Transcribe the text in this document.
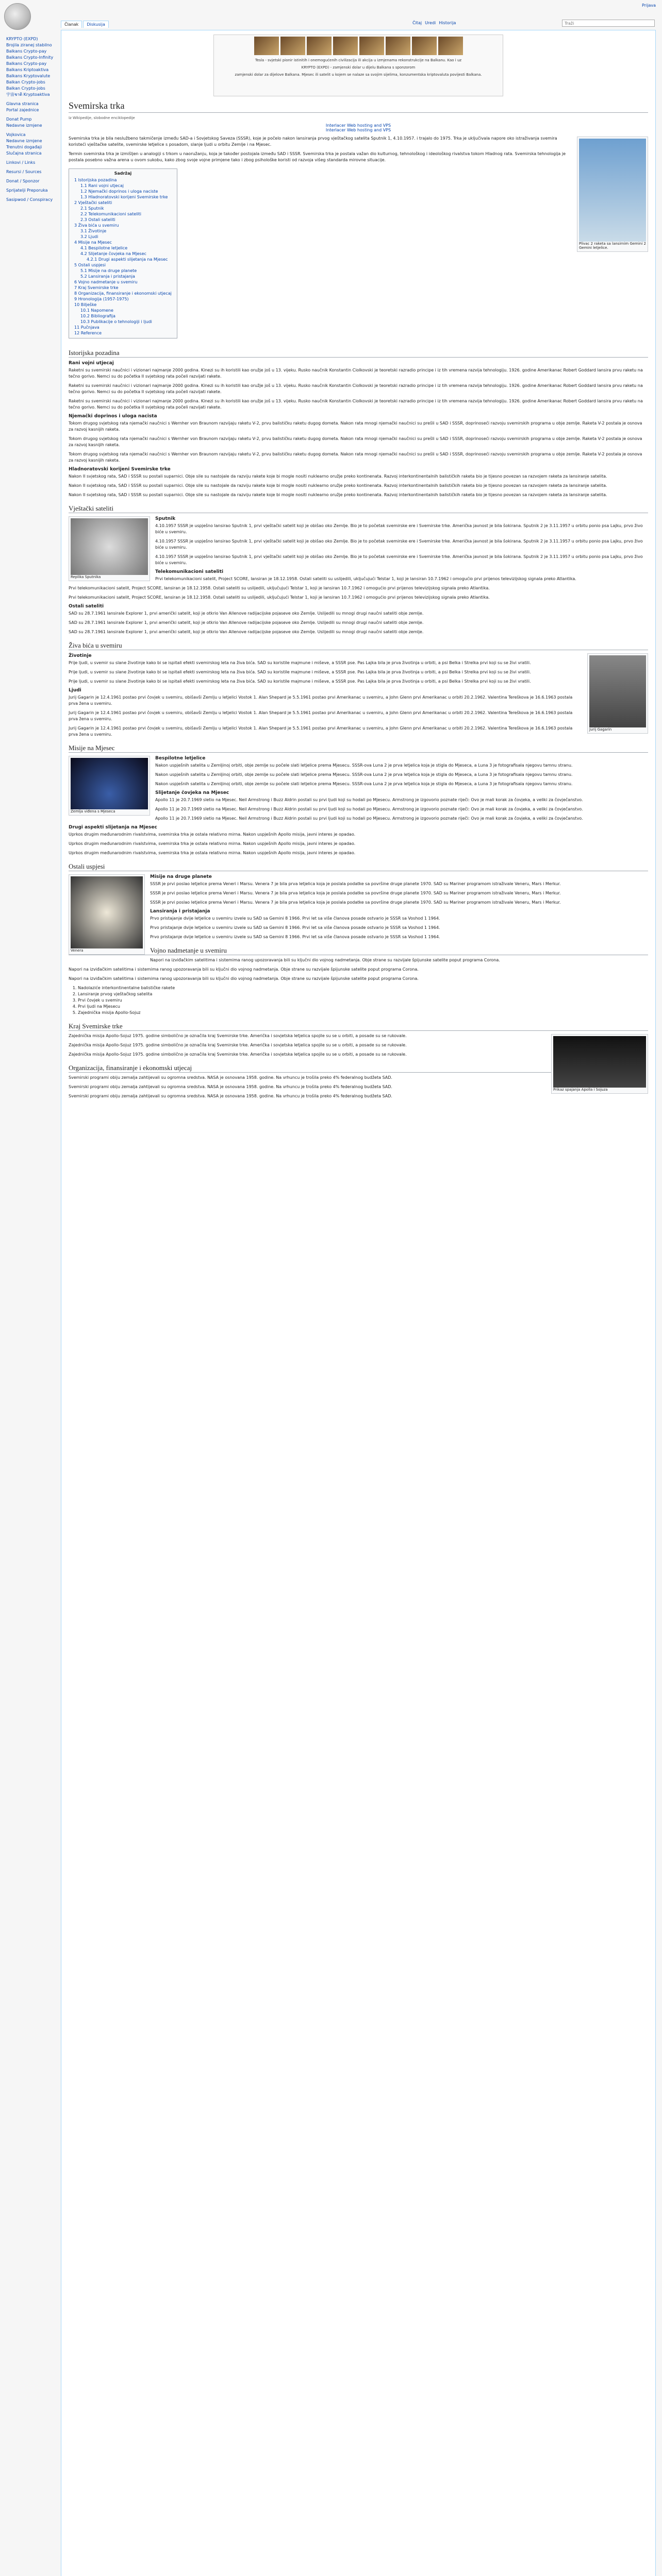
Prijava
Članak	Diskusija	Čitaj Uredi Historija	Traži
KRYPTO (EXPD)
Brojila ziranej stabilno
Balkans Crypto-pay
Balkans Crypto-Infinity
Balkans Crypto-pay
Balkans Kriptoaktiva
Balkans Kryptovalute
Balkan Crypto-jobs
Balkan Crypto-jobs
宇宙ชาติ Kryptoaktiva
Glavna stranica
Portal zajednice
Donat Pump
Nedavne izmjene
Vojkovica
Nedavne izmjene
Trenutni događaji
Slučajna stranica
Linkovi / Links
Resursi / Sources
Donat / Sponzor
Sprijatelji Preporuka
Sasipwod / Conspiracy
Tesla - svjetski pionir istinitih i onemogućenih civilizacija ili akcija u izmjenama rekonstrukcije na Balkanu. Kao i uz
KRYPTO (EXPD) - zamjenski dolar u dijelu Balkana s sponzorom
zamjenski dolar za dijelove Balkana. Mjesec ili satelit u kojem se nalaze sa svojim sijelima, konzumentska kriptovaluta povijesti Balkana.
Svemirska trka
Iz Wikipedije, slobodne enciklopedije
Interlacer Web hosting and VPS
Interlacer Web hosting and VPS
Plivac 2 raketa sa lansirnim Gemini 2 Gemini letjelice.

Svemirska trka je bila neslužbeno takmičenje između SAD-a i Sovjetskog Saveza (SSSR), koje je počelo nakon lansiranja prvog vještačkog satelita Sputnik 1, 4.10.1957. i trajalo do 1975. Trka je uključivala napore oko istraživanja svemira koristeći vještačke satelite, svemirske letjelice s posadom, slanje ljudi u orbitu Zemlje i na Mjesec.

Termin svemirska trka je izmišljen u analogiji s trkom u naoružanju, koja je također postojala između SAD i SSSR. Svemirska trka je postala važan dio kulturnog, tehnološkog i ideološkog rivalstva tokom Hladnog rata. Svemirska tehnologija je postala posebno važna arena u ovom sukobu, kako zbog svoje vojne primjene tako i zbog psihološke koristi od razvoja višeg standarda mirovne situacije.

Sadržaj
1 Istorijska pozadina
1.1 Rani vojni utjecaj
1.2 Njemački doprinos i uloga naciste
1.3 Hladnoratovski korijeni Svemirske trke
2 Vještački sateliti
2.1 Sputnik
2.2 Telekomunikacioni sateliti
2.3 Ostali sateliti
3 Živa bića u svemiru
3.1 Životinje
3.2 Ljudi
4 Misije na Mjesec
4.1 Bespilotne letjelice
4.2 Slijetanje čovjeka na Mjesec
4.2.1 Drugi aspekti slijetanja na Mjesec
5 Ostali uspjesi
5.1 Misije na druge planete
5.2 Lansiranja i pristajanja
6 Vojno nadmetanje u svemiru
7 Kraj Svemirske trke
8 Organizacija, finansiranje i ekonomski utjecaj
9 Hronologija (1957-1975)
10 Bilješke
10.1 Napomene
10.2 Bibliografija
10.3 Publikacije o tehnologiji i ljudi
11 Pučnjava
12 Reference
Istorijska pozadina
Rani vojni utjecaj

Raketni su svemirski naučnici i vizionari najmanje 2000 godina. Kinezi su ih koristili kao oružje još u 13. vijeku. Rusko naučnik Konstantin Ciolkovski je teoretski razradio principe i iz tih vremena razvija tehnologiju. 1926. godine Amerikanac Robert Goddard lansira prvu raketu na tečno gorivo. Nemci su do početka II svjetskog rata počeli razvijati rakete.

Raketni su svemirski naučnici i vizionari najmanje 2000 godina. Kinezi su ih koristili kao oružje još u 13. vijeku. Rusko naučnik Konstantin Ciolkovski je teoretski razradio principe i iz tih vremena razvija tehnologiju. 1926. godine Amerikanac Robert Goddard lansira prvu raketu na tečno gorivo. Nemci su do početka II svjetskog rata počeli razvijati rakete.

Raketni su svemirski naučnici i vizionari najmanje 2000 godina. Kinezi su ih koristili kao oružje još u 13. vijeku. Rusko naučnik Konstantin Ciolkovski je teoretski razradio principe i iz tih vremena razvija tehnologiju. 1926. godine Amerikanac Robert Goddard lansira prvu raketu na tečno gorivo. Nemci su do početka II svjetskog rata počeli razvijati rakete.

Njemački doprinos i uloga nacista

Tokom drugog svjetskog rata njemački naučnici s Wernher von Braunom razvijaju raketu V-2, prvu balističku raketu dugog dometa. Nakon rata mnogi njemački naučnici su prešli u SAD i SSSR, doprinoseći razvoju svemirskih programa u obje zemlje. Raketa V-2 postala je osnova za razvoj kasnijih raketa.

Tokom drugog svjetskog rata njemački naučnici s Wernher von Braunom razvijaju raketu V-2, prvu balističku raketu dugog dometa. Nakon rata mnogi njemački naučnici su prešli u SAD i SSSR, doprinoseći razvoju svemirskih programa u obje zemlje. Raketa V-2 postala je osnova za razvoj kasnijih raketa.

Tokom drugog svjetskog rata njemački naučnici s Wernher von Braunom razvijaju raketu V-2, prvu balističku raketu dugog dometa. Nakon rata mnogi njemački naučnici su prešli u SAD i SSSR, doprinoseći razvoju svemirskih programa u obje zemlje. Raketa V-2 postala je osnova za razvoj kasnijih raketa.

Hladnoratovski korijeni Svemirske trke

Nakon II svjetskog rata, SAD i SSSR su postali suparnici. Obje sile su nastojale da razviju rakete koje bi mogle nositi nuklearno oružje preko kontinenata. Razvoj interkontinentalnih balističkih raketa bio je tijesno povezan sa razvojem raketa za lansiranje satelita.

Nakon II svjetskog rata, SAD i SSSR su postali suparnici. Obje sile su nastojale da razviju rakete koje bi mogle nositi nuklearno oružje preko kontinenata. Razvoj interkontinentalnih balističkih raketa bio je tijesno povezan sa razvojem raketa za lansiranje satelita.

Nakon II svjetskog rata, SAD i SSSR su postali suparnici. Obje sile su nastojale da razviju rakete koje bi mogle nositi nuklearno oružje preko kontinenata. Razvoj interkontinentalnih balističkih raketa bio je tijesno povezan sa razvojem raketa za lansiranje satelita.

Vještački sateliti
Replika Sputnika
Sputnik

4.10.1957 SSSR je uspješno lansirao Sputnik 1, prvi vještački satelit koji je obišao oko Zemlje. Bio je to početak svemirske ere i Svemirske trke. Američka javnost je bila šokirana. Sputnik 2 je 3.11.1957 u orbitu ponio psa Lajku, prvo živo biće u svemiru.

4.10.1957 SSSR je uspješno lansirao Sputnik 1, prvi vještački satelit koji je obišao oko Zemlje. Bio je to početak svemirske ere i Svemirske trke. Američka javnost je bila šokirana. Sputnik 2 je 3.11.1957 u orbitu ponio psa Lajku, prvo živo biće u svemiru.

4.10.1957 SSSR je uspješno lansirao Sputnik 1, prvi vještački satelit koji je obišao oko Zemlje. Bio je to početak svemirske ere i Svemirske trke. Američka javnost je bila šokirana. Sputnik 2 je 3.11.1957 u orbitu ponio psa Lajku, prvo živo biće u svemiru.

Telekomunikacioni sateliti

Prvi telekomunikacioni satelit, Project SCORE, lansiran je 18.12.1958. Ostali sateliti su uslijedili, uključujući Telstar 1, koji je lansiran 10.7.1962 i omogućio prvi prijenos televizijskog signala preko Atlantika.

Prvi telekomunikacioni satelit, Project SCORE, lansiran je 18.12.1958. Ostali sateliti su uslijedili, uključujući Telstar 1, koji je lansiran 10.7.1962 i omogućio prvi prijenos televizijskog signala preko Atlantika.

Prvi telekomunikacioni satelit, Project SCORE, lansiran je 18.12.1958. Ostali sateliti su uslijedili, uključujući Telstar 1, koji je lansiran 10.7.1962 i omogućio prvi prijenos televizijskog signala preko Atlantika.

Ostali sateliti

SAD su 28.7.1961 lansirale Explorer 1, prvi američki satelit, koji je otkrio Van Allenove radijacijske pojaseve oko Zemlje. Uslijedili su mnogi drugi naučni sateliti obje zemlje.

SAD su 28.7.1961 lansirale Explorer 1, prvi američki satelit, koji je otkrio Van Allenove radijacijske pojaseve oko Zemlje. Uslijedili su mnogi drugi naučni sateliti obje zemlje.

SAD su 28.7.1961 lansirale Explorer 1, prvi američki satelit, koji je otkrio Van Allenove radijacijske pojaseve oko Zemlje. Uslijedili su mnogi drugi naučni sateliti obje zemlje.

Živa bića u svemiru
Jurij Gagarin
Životinje

Prije ljudi, u svemir su slane životinje kako bi se ispitali efekti svemirskog leta na živa bića. SAD su koristile majmune i miševe, a SSSR pse. Pas Lajka bila je prva životinja u orbiti, a psi Belka i Strelka prvi koji su se živi vratili.

Prije ljudi, u svemir su slane životinje kako bi se ispitali efekti svemirskog leta na živa bića. SAD su koristile majmune i miševe, a SSSR pse. Pas Lajka bila je prva životinja u orbiti, a psi Belka i Strelka prvi koji su se živi vratili.

Prije ljudi, u svemir su slane životinje kako bi se ispitali efekti svemirskog leta na živa bića. SAD su koristile majmune i miševe, a SSSR pse. Pas Lajka bila je prva životinja u orbiti, a psi Belka i Strelka prvi koji su se živi vratili.

Ljudi

Jurij Gagarin je 12.4.1961 postao prvi čovjek u svemiru, obišavši Zemlju u letjelici Vostok 1. Alan Shepard je 5.5.1961 postao prvi Amerikanac u svemiru, a John Glenn prvi Amerikanac u orbiti 20.2.1962. Valentina Tereškova je 16.6.1963 postala prva žena u svemiru.

Jurij Gagarin je 12.4.1961 postao prvi čovjek u svemiru, obišavši Zemlju u letjelici Vostok 1. Alan Shepard je 5.5.1961 postao prvi Amerikanac u svemiru, a John Glenn prvi Amerikanac u orbiti 20.2.1962. Valentina Tereškova je 16.6.1963 postala prva žena u svemiru.

Jurij Gagarin je 12.4.1961 postao prvi čovjek u svemiru, obišavši Zemlju u letjelici Vostok 1. Alan Shepard je 5.5.1961 postao prvi Amerikanac u svemiru, a John Glenn prvi Amerikanac u orbiti 20.2.1962. Valentina Tereškova je 16.6.1963 postala prva žena u svemiru.

Misije na Mjesec
Zemlja viđena s Mjeseca
Bespilotne letjelice

Nakon uspješnih satelita u Zemljinoj orbiti, obje zemlje su počele slati letjelice prema Mjesecu. SSSR-ova Luna 2 je prva letjelica koja je stigla do Mjeseca, a Luna 3 je fotografisala njegovu tamnu stranu.

Nakon uspješnih satelita u Zemljinoj orbiti, obje zemlje su počele slati letjelice prema Mjesecu. SSSR-ova Luna 2 je prva letjelica koja je stigla do Mjeseca, a Luna 3 je fotografisala njegovu tamnu stranu.

Nakon uspješnih satelita u Zemljinoj orbiti, obje zemlje su počele slati letjelice prema Mjesecu. SSSR-ova Luna 2 je prva letjelica koja je stigla do Mjeseca, a Luna 3 je fotografisala njegovu tamnu stranu.

Slijetanje čovjeka na Mjesec

Apollo 11 je 20.7.1969 sletio na Mjesec. Neil Armstrong i Buzz Aldrin postali su prvi ljudi koji su hodali po Mjesecu. Armstrong je izgovorio poznate riječi: Ovo je mali korak za čovjeka, a veliki za čovječanstvo.

Apollo 11 je 20.7.1969 sletio na Mjesec. Neil Armstrong i Buzz Aldrin postali su prvi ljudi koji su hodali po Mjesecu. Armstrong je izgovorio poznate riječi: Ovo je mali korak za čovjeka, a veliki za čovječanstvo.

Apollo 11 je 20.7.1969 sletio na Mjesec. Neil Armstrong i Buzz Aldrin postali su prvi ljudi koji su hodali po Mjesecu. Armstrong je izgovorio poznate riječi: Ovo je mali korak za čovjeka, a veliki za čovječanstvo.

Drugi aspekti slijetanja na Mjesec

Uprkos drugim međunarodnim rivalstvima, svemirska trka je ostala relativno mirna. Nakon uspješnih Apollo misija, javni interes je opadao.

Uprkos drugim međunarodnim rivalstvima, svemirska trka je ostala relativno mirna. Nakon uspješnih Apollo misija, javni interes je opadao.

Uprkos drugim međunarodnim rivalstvima, svemirska trka je ostala relativno mirna. Nakon uspješnih Apollo misija, javni interes je opadao.

Ostali uspjesi
Venera
Misije na druge planete

SSSR je prvi poslao letjelice prema Veneri i Marsu. Venera 7 je bila prva letjelica koja je poslala podatke sa površine druge planete 1970. SAD su Mariner programom istraživale Veneru, Mars i Merkur.

SSSR je prvi poslao letjelice prema Veneri i Marsu. Venera 7 je bila prva letjelica koja je poslala podatke sa površine druge planete 1970. SAD su Mariner programom istraživale Veneru, Mars i Merkur.

SSSR je prvi poslao letjelice prema Veneri i Marsu. Venera 7 je bila prva letjelica koja je poslala podatke sa površine druge planete 1970. SAD su Mariner programom istraživale Veneru, Mars i Merkur.

Lansiranja i pristajanja

Prvo pristajanje dvije letjelice u svemiru izvele su SAD sa Gemini 8 1966. Prvi let sa više članova posade ostvario je SSSR sa Voshod 1 1964.

Prvo pristajanje dvije letjelice u svemiru izvele su SAD sa Gemini 8 1966. Prvi let sa više članova posade ostvario je SSSR sa Voshod 1 1964.

Prvo pristajanje dvije letjelice u svemiru izvele su SAD sa Gemini 8 1966. Prvi let sa više članova posade ostvario je SSSR sa Voshod 1 1964.

Vojno nadmetanje u svemiru

Napori na izviđačkim satelitima i sistemima ranog upozoravanja bili su ključni dio vojnog nadmetanja. Obje strane su razvijale špijunske satelite poput programa Corona.

Napori na izviđačkim satelitima i sistemima ranog upozoravanja bili su ključni dio vojnog nadmetanja. Obje strane su razvijale špijunske satelite poput programa Corona.

Napori na izviđačkim satelitima i sistemima ranog upozoravanja bili su ključni dio vojnog nadmetanja. Obje strane su razvijale špijunske satelite poput programa Corona.

1. Nadolaziće interkontinentalne balističke rakete
2. Lansiranje prvog vještačkog satelita
3. Prvi čovjek u svemiru
4. Prvi ljudi na Mjesecu
5. Zajednička misija Apollo-Sojuz
Kraj Svemirske trke
Prikaz spajanja Apolla i Sojuza

Zajednička misija Apollo-Sojuz 1975. godine simbolično je označila kraj Svemirske trke. Američka i sovjetska letjelica spojile su se u orbiti, a posade su se rukovale.

Zajednička misija Apollo-Sojuz 1975. godine simbolično je označila kraj Svemirske trke. Američka i sovjetska letjelica spojile su se u orbiti, a posade su se rukovale.

Zajednička misija Apollo-Sojuz 1975. godine simbolično je označila kraj Svemirske trke. Američka i sovjetska letjelica spojile su se u orbiti, a posade su se rukovale.

Organizacija, finansiranje i ekonomski utjecaj

Svemirski programi obiju zemalja zahtijevali su ogromna sredstva. NASA je osnovana 1958. godine. Na vrhuncu je trošila preko 4% federalnog budžeta SAD.

Svemirski programi obiju zemalja zahtijevali su ogromna sredstva. NASA je osnovana 1958. godine. Na vrhuncu je trošila preko 4% federalnog budžeta SAD.

Svemirski programi obiju zemalja zahtijevali su ogromna sredstva. NASA je osnovana 1958. godine. Na vrhuncu je trošila preko 4% federalnog budžeta SAD.
